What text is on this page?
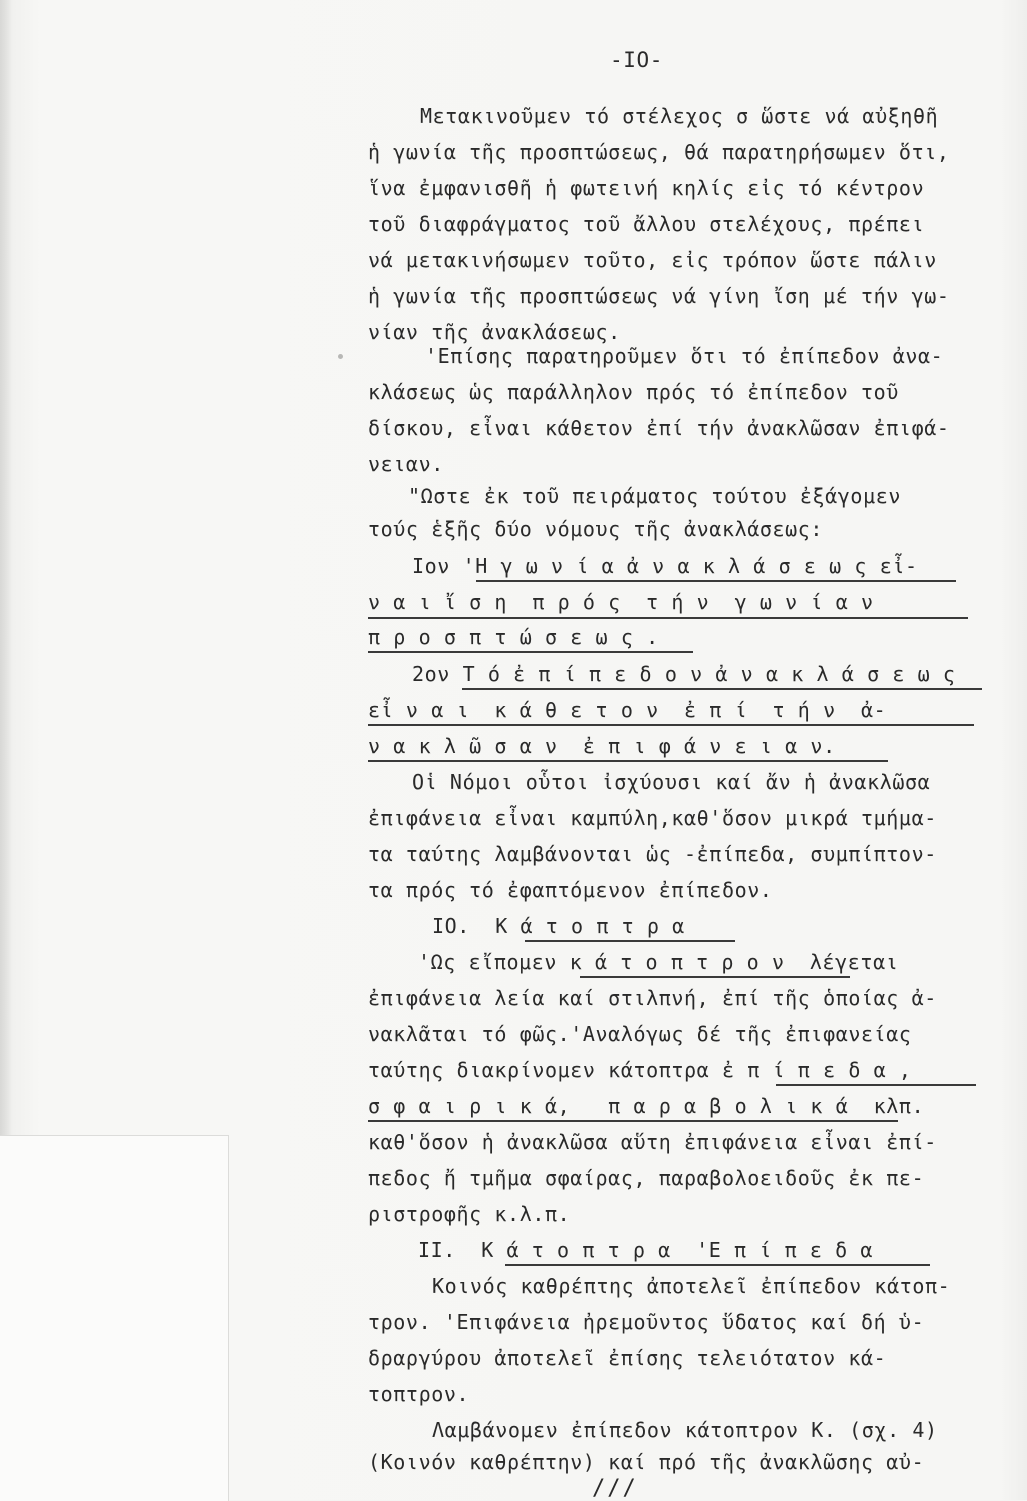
-IO-
Μετακινοῦμεν τό στέλεχος σ ὥστε νά αὐξηθῆ
ἡ γωνία τῆς προσπτώσεως, θά παρατηρήσωμεν ὅτι,
ἵνα ἐμφανισθῆ ἡ φωτεινή κηλίς εἰς τό κέντρον
τοῦ διαφράγματος τοῦ ἄλλου στελέχους, πρέπει
νά μετακινήσωμεν τοῦτο, εἰς τρόπον ὥστε πάλιν
ἡ γωνία τῆς προσπτώσεως νά γίνη ἴση μέ τήν γω-
νίαν τῆς ἀνακλάσεως.
'Επίσης παρατηροῦμεν ὅτι τό ἐπίπεδον ἀνα-
κλάσεως ὡς παράλληλον πρός τό ἐπίπεδον τοῦ
δίσκου, εἶναι κάθετον ἐπί τήν ἀνακλῶσαν ἐπιφά-
νειαν.
"Ωστε ἐκ τοῦ πειράματος τούτου ἐξάγομεν
τούς ἑξῆς δύο νόμους τῆς ἀνακλάσεως:
Ιον 'Η γ ω ν ί α ἀ ν α κ λ ά σ ε ω ς εἶ-
ν α ι ἴ σ η  π ρ ό ς  τ ή ν  γ ω ν ί α ν
π ρ ο σ π τ ώ σ ε ω ς .
2ον Τ ό ἐ π ί π ε δ ο ν ἀ ν α κ λ ά σ ε ω ς
εἶ ν α ι  κ ά θ ε τ ο ν  ἐ π ί  τ ή ν  ἀ-
ν α κ λ ῶ σ α ν  ἐ π ι φ ά ν ε ι α ν.
Οἱ Νόμοι οὗτοι ἰσχύουσι καί ἄν ἡ ἀνακλῶσα
ἐπιφάνεια εἶναι καμπύλη,καθ'ὅσον μικρά τμήμα-
τα ταύτης λαμβάνονται ὡς -ἐπίπεδα, συμπίπτον-
τα πρός τό ἐφαπτόμενον ἐπίπεδον.
IO.  Κ ά τ ο π τ ρ α
'Ως εἴπομεν κ ά τ ο π τ ρ ο ν  λέγεται
ἐπιφάνεια λεία καί στιλπνή, ἐπί τῆς ὁποίας ἀ-
νακλᾶται τό φῶς.'Αναλόγως δέ τῆς ἐπιφανείας
ταύτης διακρίνομεν κάτοπτρα ἐ π ί π ε δ α ,
σ φ α ι ρ ι κ ά,   π α ρ α β ο λ ι κ ά  κλπ.
καθ'ὅσον ἡ ἀνακλῶσα αὕτη ἐπιφάνεια εἶναι ἐπί-
πεδος ἤ τμῆμα σφαίρας, παραβολοειδοῦς ἐκ πε-
ριστροφῆς κ.λ.π.
II.  Κ ά τ ο π τ ρ α  'Ε π ί π ε δ α
Κοινός καθρέπτης ἀποτελεῖ ἐπίπεδον κάτοπ-
τρον. 'Επιφάνεια ἠρεμοῦντος ὕδατος καί δή ὑ-
δραργύρου ἀποτελεῖ ἐπίσης τελειότατον κά-
τοπτρον.
Λαμβάνομεν ἐπίπεδον κάτοπτρον Κ. (σχ. 4)
(Κοινόν καθρέπτην) καί πρό τῆς ἀνακλῶσης αὐ-
///
